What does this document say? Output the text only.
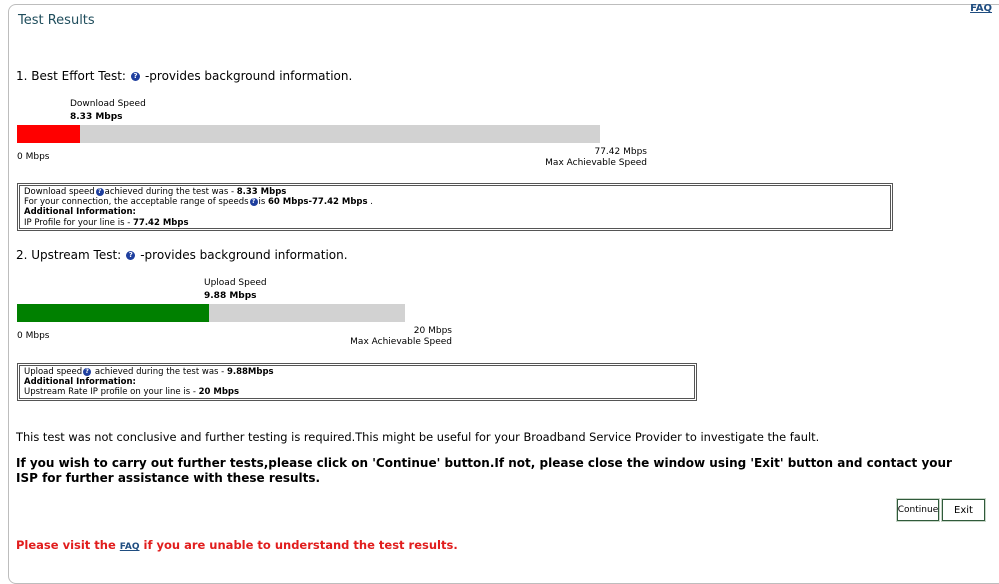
FAQ
Test Results
1. Best Effort Test:	? -provides background information.
Download Speed
8.33 Mbps
0 Mbps	77.42 Mbps
Max Achievable Speed
Download speed ? achieved during the test was - 8.33 Mbps
For your connection, the acceptable range of speeds ? is 60 Mbps-77.42 Mbps .
Additional Information:
IP Profile for your line is - 77.42 Mbps
2. Upstream Test:	? -provides background information.
Upload Speed
9.88 Mbps
0 Mbps	20 Mbps
Max Achievable Speed
Upload speed ? achieved during the test was - 9.88Mbps
Additional Information:
Upstream Rate IP profile on your line is - 20 Mbps
This test was not conclusive and further testing is required.This might be useful for your Broadband Service Provider to investigate the fault.
If you wish to carry out further tests,please click on 'Continue' button.If not, please close the window using 'Exit' button and contact your ISP for further assistance with these results.
Continue	Exit
Please visit the FAQ if you are unable to understand the test results.
